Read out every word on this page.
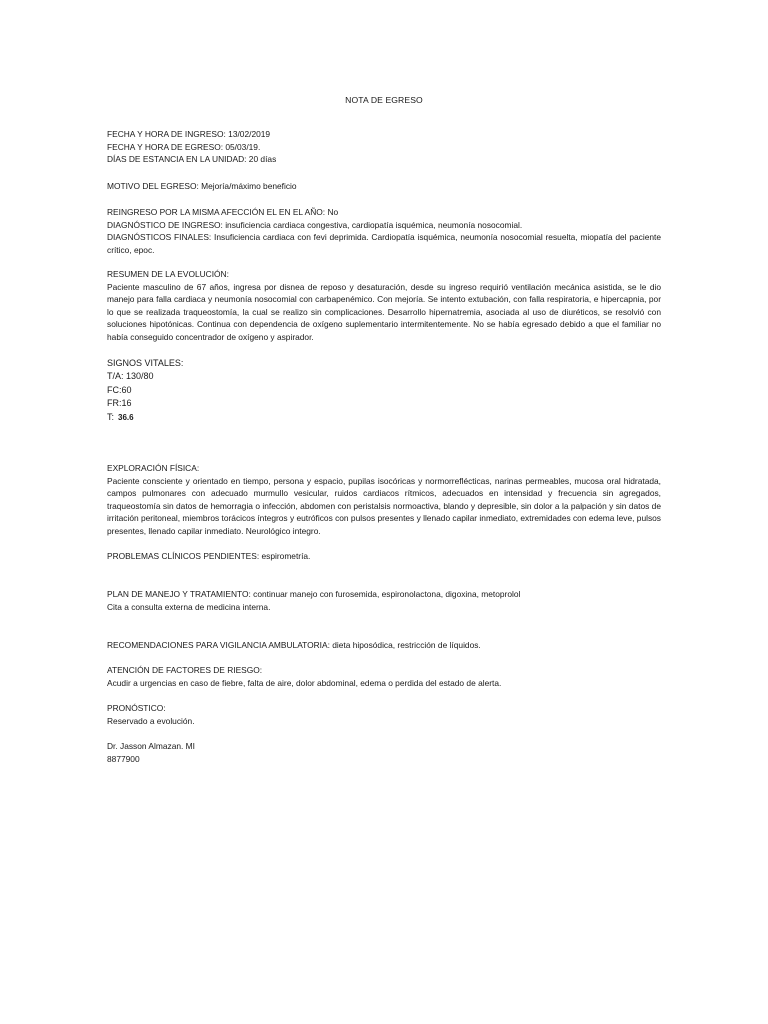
NOTA DE EGRESO
FECHA Y HORA DE INGRESO: 13/02/2019
FECHA Y HORA DE EGRESO: 05/03/19.
DÍAS DE ESTANCIA EN LA UNIDAD: 20 días
MOTIVO DEL EGRESO: Mejoría/máximo beneficio
REINGRESO POR LA MISMA AFECCIÓN EL EN EL AÑO: No
DIAGNÓSTICO DE INGRESO: insuficiencia cardiaca congestiva, cardiopatía isquémica, neumonía nosocomial.
DIAGNÓSTICOS FINALES: Insuficiencia cardiaca con fevi deprimida. Cardiopatía isquémica, neumonía nosocomial resuelta, miopatía del paciente crítico, epoc.
RESUMEN DE LA EVOLUCIÓN:
Paciente masculino de 67 años, ingresa por disnea de reposo y desaturación, desde su ingreso requirió ventilación mecánica asistida, se le dio manejo para falla cardiaca y neumonía nosocomial con carbapenémico. Con mejoría. Se intento extubación, con falla respiratoria, e hipercapnia, por lo que se realizada traqueostomía, la cual se realizo sin complicaciones. Desarrollo hipernatremia, asociada al uso de diuréticos, se resolvió con soluciones hipotónicas. Continua con dependencia de oxígeno suplementario intermitentemente. No se había egresado debido a que el familiar no había conseguido concentrador de oxígeno y aspirador.
SIGNOS VITALES:
T/A: 130/80
FC:60
FR:16
T: 36.6
EXPLORACIÓN FÍSICA:
Paciente consciente y orientado en tiempo, persona y espacio, pupilas isocóricas y normorreflécticas, narinas permeables, mucosa oral hidratada, campos pulmonares con adecuado murmullo vesicular, ruidos cardiacos rítmicos, adecuados en intensidad y frecuencia sin agregados, traqueostomía sin datos de hemorragia o infección, abdomen con peristalsis normoactiva, blando y depresible, sin dolor a la palpación y sin datos de irritación peritoneal, miembros torácicos íntegros y eutróficos con pulsos presentes y llenado capilar inmediato, extremidades con edema leve, pulsos presentes, llenado capilar inmediato. Neurológico integro.
PROBLEMAS CLÍNICOS PENDIENTES: espirometría.
PLAN DE MANEJO Y TRATAMIENTO: continuar manejo con furosemida, espironolactona, digoxina, metoprolol
Cita a consulta externa de medicina interna.
RECOMENDACIONES PARA VIGILANCIA AMBULATORIA: dieta hiposódica, restricción de líquidos.
ATENCIÓN DE FACTORES DE RIESGO:
Acudir a urgencias en caso de fiebre, falta de aire, dolor abdominal, edema o perdida del estado de alerta.
PRONÓSTICO:
Reservado a evolución.
Dr. Jasson Almazan. MI
8877900
